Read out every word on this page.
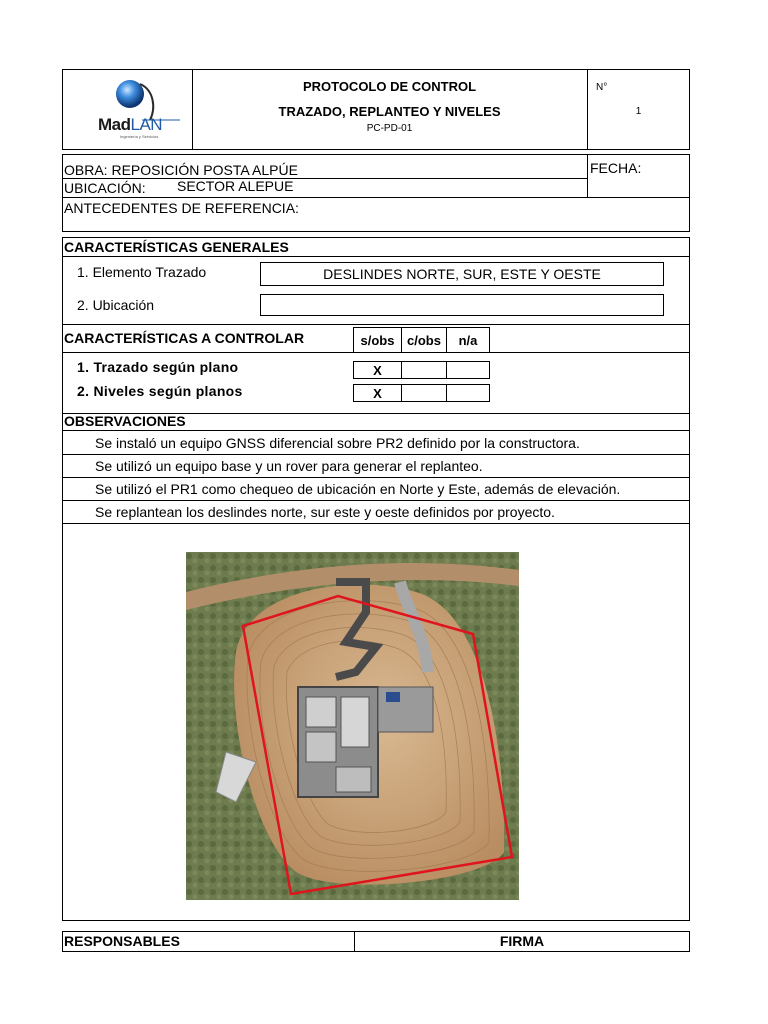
MadLAN
Ingeniería y Servicios
PROTOCOLO DE CONTROL
TRAZADO, REPLANTEO Y NIVELES
PC-PD-01
N°
1
OBRA: REPOSICIÓN POSTA ALPÚE	FECHA:
UBICACIÓN: SECTOR ALEPUE
ANTECEDENTES DE REFERENCIA:
CARACTERÍSTICAS GENERALES
1. Elemento Trazado	DESLINDES NORTE, SUR, ESTE Y OESTE
2. Ubicación
CARACTERÍSTICAS A CONTROLAR	s/obs c/obs n/a
1. Trazado según plano	X
2. Niveles según planos	X
OBSERVACIONES
Se instaló un equipo GNSS diferencial sobre PR2 definido por la constructora.
Se utilizó un equipo base y un rover para generar el replanteo.
Se utilizó el PR1 como chequeo de ubicación en Norte y Este, además de elevación.
Se replantean los deslindes norte, sur este y oeste definidos por proyecto.
RESPONSABLES	FIRMA
